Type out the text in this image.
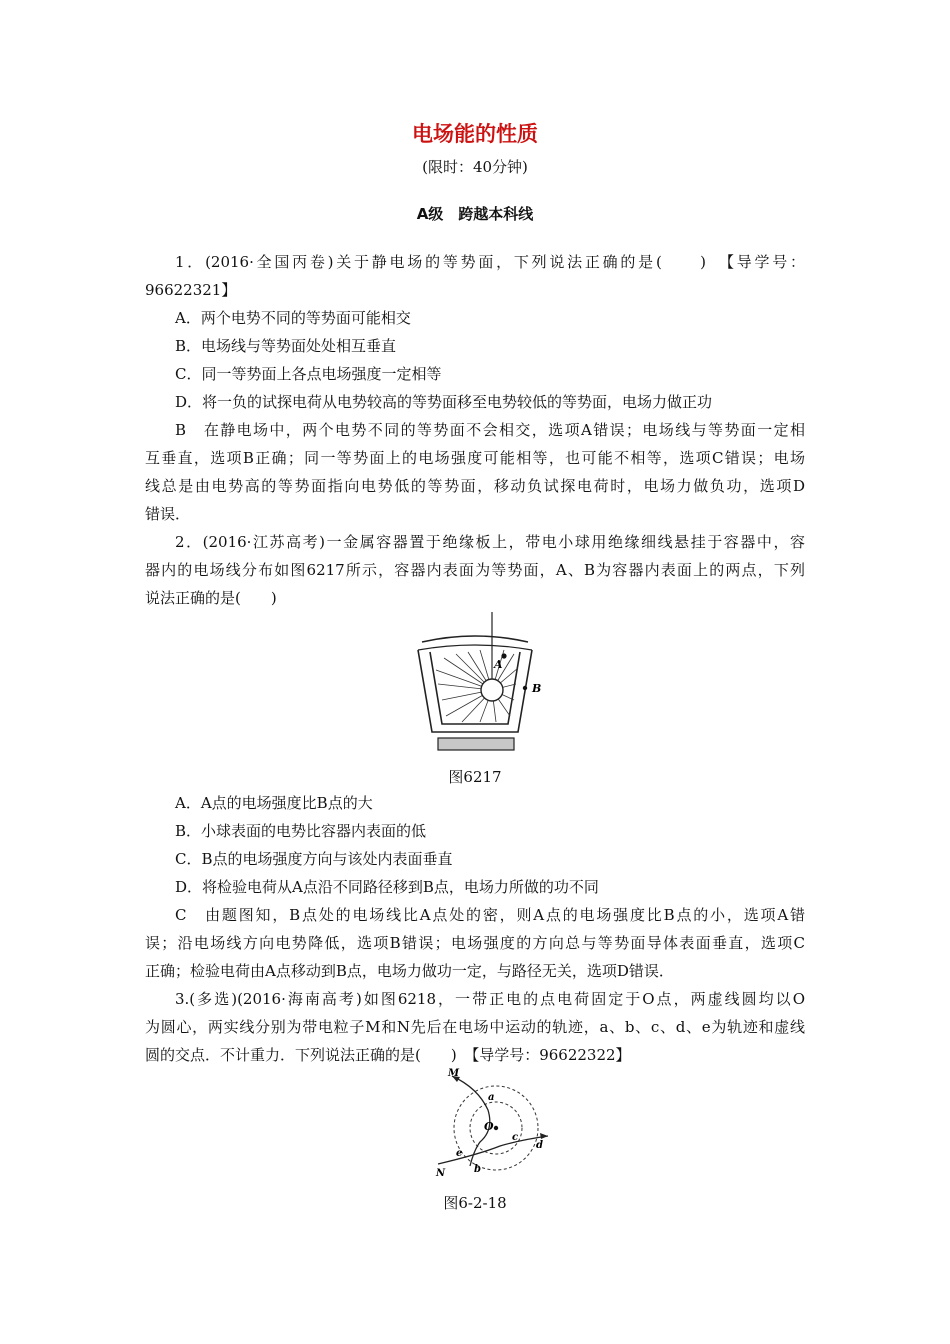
电场能的性质
(限时：40分钟)
A级　跨越本科线
1．(2016·全国丙卷)关于静电场的等势面，下列说法正确的是(　　)　【导学号：
96622321】
A．两个电势不同的等势面可能相交
B．电场线与等势面处处相互垂直
C．同一等势面上各点电场强度一定相等
D．将一负的试探电荷从电势较高的等势面移至电势较低的等势面，电场力做正功
B　在静电场中，两个电势不同的等势面不会相交，选项A错误；电场线与等势面一定相
互垂直，选项B正确；同一等势面上的电场强度可能相等，也可能不相等，选项C错误；电场
线总是由电势高的等势面指向电势低的等势面，移动负试探电荷时，电场力做负功，选项D
错误．
2．(2016·江苏高考)一金属容器置于绝缘板上，带电小球用绝缘细线悬挂于容器中，容
器内的电场线分布如图6217所示，容器内表面为等势面，A、B为容器内表面上的两点，下列
说法正确的是(　　)
A
B
图6217
A．A点的电场强度比B点的大
B．小球表面的电势比容器内表面的低
C．B点的电场强度方向与该处内表面垂直
D．将检验电荷从A点沿不同路径移到B点，电场力所做的功不同
C　由题图知，B点处的电场线比A点处的密，则A点的电场强度比B点的小，选项A错
误；沿电场线方向电势降低，选项B错误；电场强度的方向总与等势面导体表面垂直，选项C
正确；检验电荷由A点移动到B点，电场力做功一定，与路径无关，选项D错误．
3.(多选)(2016·海南高考)如图6218，一带正电的点电荷固定于O点，两虚线圆均以O
为圆心，两实线分别为带电粒子M和N先后在电场中运动的轨迹，a、b、c、d、e为轨迹和虚线
圆的交点．不计重力．下列说法正确的是(　　)　【导学号：96622322】
O
M
N
a
b
c
d
e
图6-2-18
